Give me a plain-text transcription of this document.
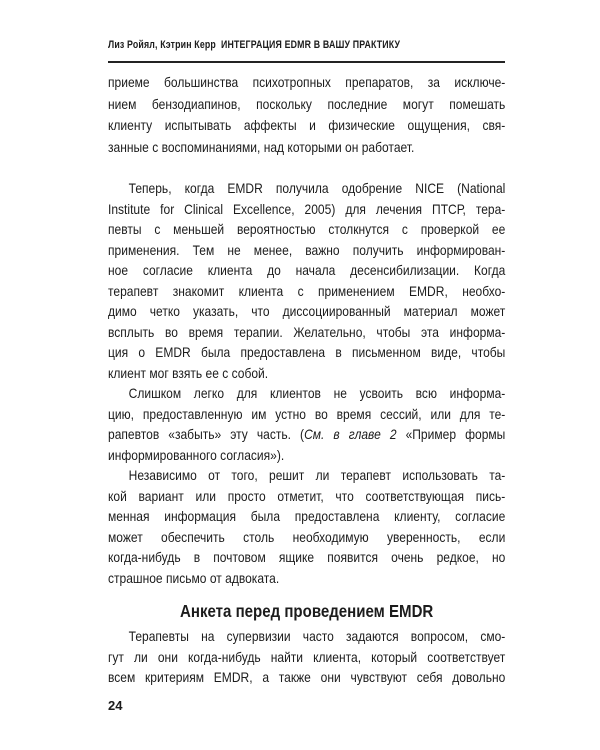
Лиз Ройял, Кэтрин Керр ИНТЕГРАЦИЯ EDMR В ВАШУ ПРАКТИКУ
приеме большинства психотропных препаратов, за исключе-
нием бензодиапинов, поскольку последние могут помешать
клиенту испытывать аффекты и физические ощущения, свя-
занные с воспоминаниями, над которыми он работает.
Теперь, когда EMDR получила одобрение NICE (National
Institute for Clinical Excellence, 2005) для лечения ПТСР, тера-
певты с меньшей вероятностью столкнутся с проверкой ее
применения. Тем не менее, важно получить информирован-
ное согласие клиента до начала десенсибилизации. Когда
терапевт знакомит клиента с применением EMDR, необхо-
димо четко указать, что диссоциированный материал может
всплыть во время терапии. Желательно, чтобы эта информа-
ция о EMDR была предоставлена в письменном виде, чтобы
клиент мог взять ее с собой.
Слишком легко для клиентов не усвоить всю информа-
цию, предоставленную им устно во время сессий, или для те-
рапевтов «забыть» эту часть. (См. в главе 2 «Пример формы
информированного согласия»).
Независимо от того, решит ли терапевт использовать та-
кой вариант или просто отметит, что соответствующая пись-
менная информация была предоставлена клиенту, согласие
может обеспечить столь необходимую уверенность, если
когда-нибудь в почтовом ящике появится очень редкое, но
страшное письмо от адвоката.
Анкета перед проведением EMDR
Терапевты на супервизии часто задаются вопросом, смо-
гут ли они когда-нибудь найти клиента, который соответствует
всем критериям EMDR, а также они чувствуют себя довольно
24
